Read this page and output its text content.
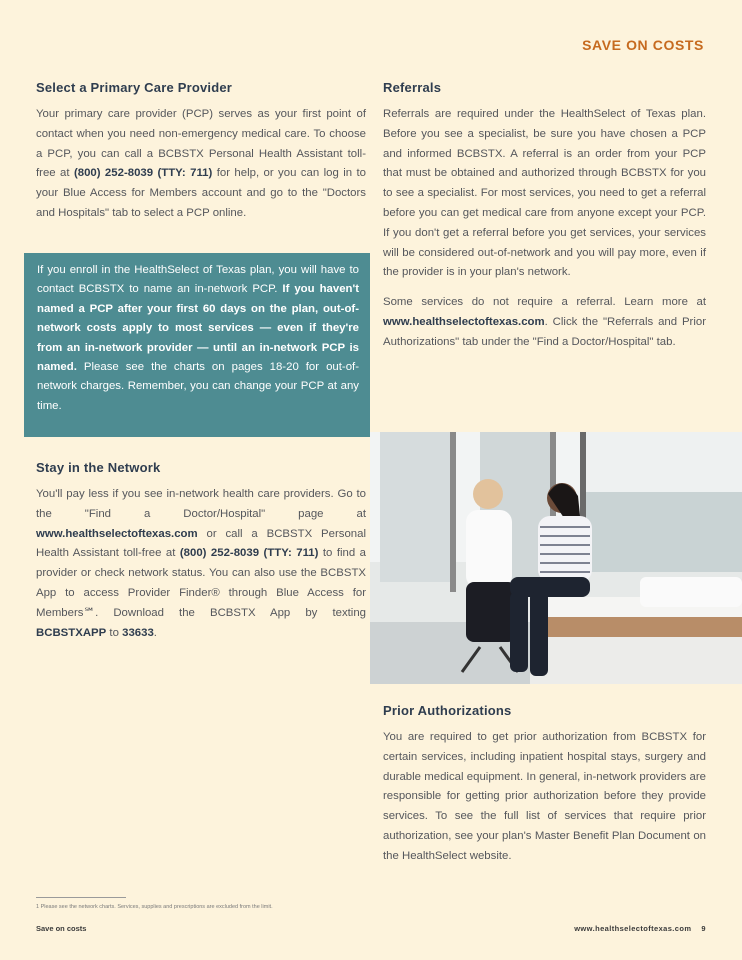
SAVE ON COSTS
Select a Primary Care Provider

Your primary care provider (PCP) serves as your first point of contact when you need non-emergency medical care. To choose a PCP, you can call a BCBSTX Personal Health Assistant toll-free at (800) 252-8039 (TTY: 711) for help, or you can log in to your Blue Access for Members account and go to the "Doctors and Hospitals" tab to select a PCP online.

If you enroll in the HealthSelect of Texas plan, you will have to contact BCBSTX to name an in-network PCP. If you haven't named a PCP after your first 60 days on the plan, out-of-network costs apply to most services — even if they're from an in-network provider — until an in-network PCP is named. Please see the charts on pages 18-20 for out-of-network charges. Remember, you can change your PCP at any time.

Stay in the Network

You'll pay less if you see in-network health care providers. Go to the "Find a Doctor/Hospital" page at www.healthselectoftexas.com or call a BCBSTX Personal Health Assistant toll-free at (800) 252-8039 (TTY: 711) to find a provider or check network status. You can also use the BCBSTX App to access Provider Finder® through Blue Access for Members℠. Download the BCBSTX App by texting BCBSTXAPP to 33633.

Referrals

Referrals are required under the HealthSelect of Texas plan. Before you see a specialist, be sure you have chosen a PCP and informed BCBSTX. A referral is an order from your PCP that must be obtained and authorized through BCBSTX for you to see a specialist. For most services, you need to get a referral before you can get medical care from anyone except your PCP. If you don't get a referral before you get services, your services will be considered out-of-network and you will pay more, even if the provider is in your plan's network.

Some services do not require a referral. Learn more at www.healthselectoftexas.com. Click the "Referrals and Prior Authorizations" tab under the "Find a Doctor/Hospital" tab.

Prior Authorizations

You are required to get prior authorization from BCBSTX for certain services, including inpatient hospital stays, surgery and durable medical equipment. In general, in-network providers are responsible for getting prior authorization before they provide services. To see the full list of services that require prior authorization, see your plan's Master Benefit Plan Document on the HealthSelect website.

1 Please see the network charts. Services, supplies and prescriptions are excluded from the limit.
Save on costs	www.healthselectoftexas.com 9
